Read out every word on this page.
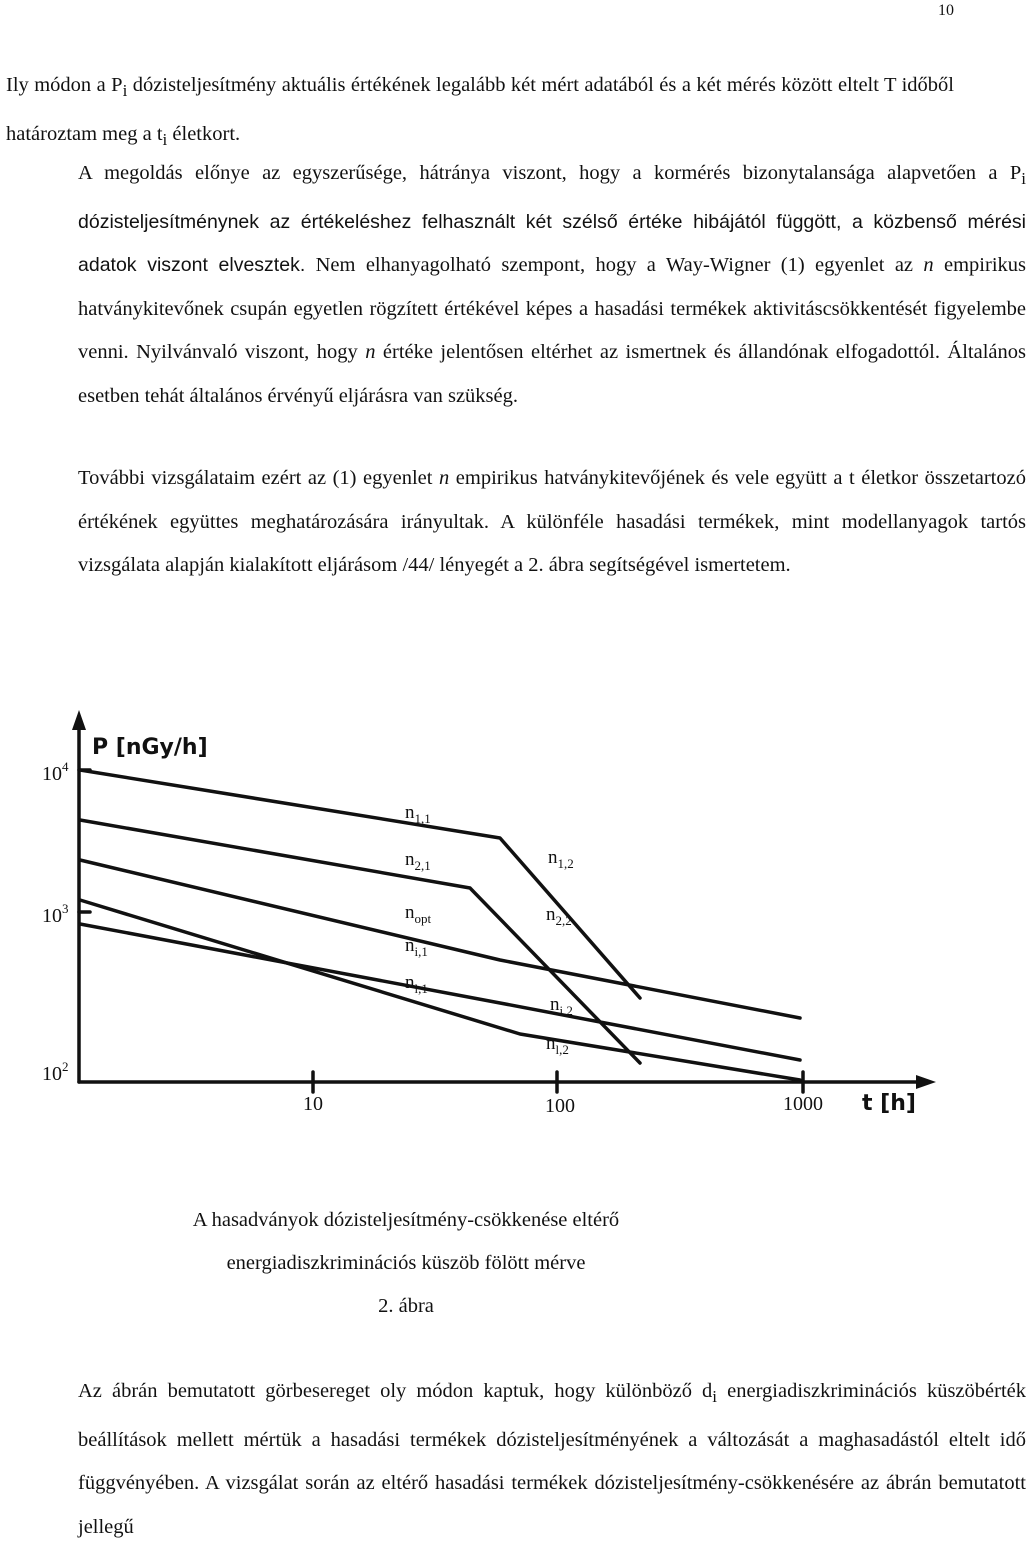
10

Ily módon a $P_i$ dózisteljesítmény aktuális értékének legalább két mért adatából és a két mérés között eltelt T időből határoztam meg a $t_i$ életkort.

A megoldás előnye az egyszerűsége, hátránya viszont, hogy a kormérés bizonytalansága alapvetően a $P_i$ dózisteljesítménynek az értékeléshez felhasznált két szélső értéke hibájától függött, a közbenső mérési adatok viszont elvesztek. Nem elhanyagolható szempont, hogy a Way-Wigner (1) egyenlet az n empirikus hatványkitevőnek csupán egyetlen rögzített értékével képes a hasadási termékek aktivitáscsökkentését figyelembe venni. Nyilvánvaló viszont, hogy n értéke jelentősen eltérhet az ismertnek és állandónak elfogadottól. Általános esetben tehát általános érvényű eljárásra van szükség.

További vizsgálataim ezért az (1) egyenlet n empirikus hatványkitevőjének és vele együtt a t életkor összetartozó értékének együttes meghatározására irányultak. A különféle hasadási termékek, mint modellanyagok tartós vizsgálata alapján kialakított eljárásom /44/ lényegét a 2. ábra segítségével ismertetem.

P [nGy/h]
t [h]
$10^4$
$10^3$
$10^2$
10	100	1000
$n_{1,1}$
$n_{2,1}$	$n_{1,2}$
$n_{opt}$	$n_{2,2}$
$n_{i,1}$
$n_{l,1}$
$n_{i,2}$
$n_{l,2}$
A hasadványok dózisteljesítmény-csökkenése eltérő
energiadiszkriminációs küszöb fölött mérve
2. ábra

Az ábrán bemutatott görbesereget oly módon kaptuk, hogy különböző $d_i$ energiadiszkriminációs küszöbérték beállítások mellett mértük a hasadási termékek dózisteljesítményének a változását a maghasadástól eltelt idő függvényében. A vizsgálat során az eltérő hasadási termékek dózisteljesítmény-csökkenésére az ábrán bemutatott jellegű
